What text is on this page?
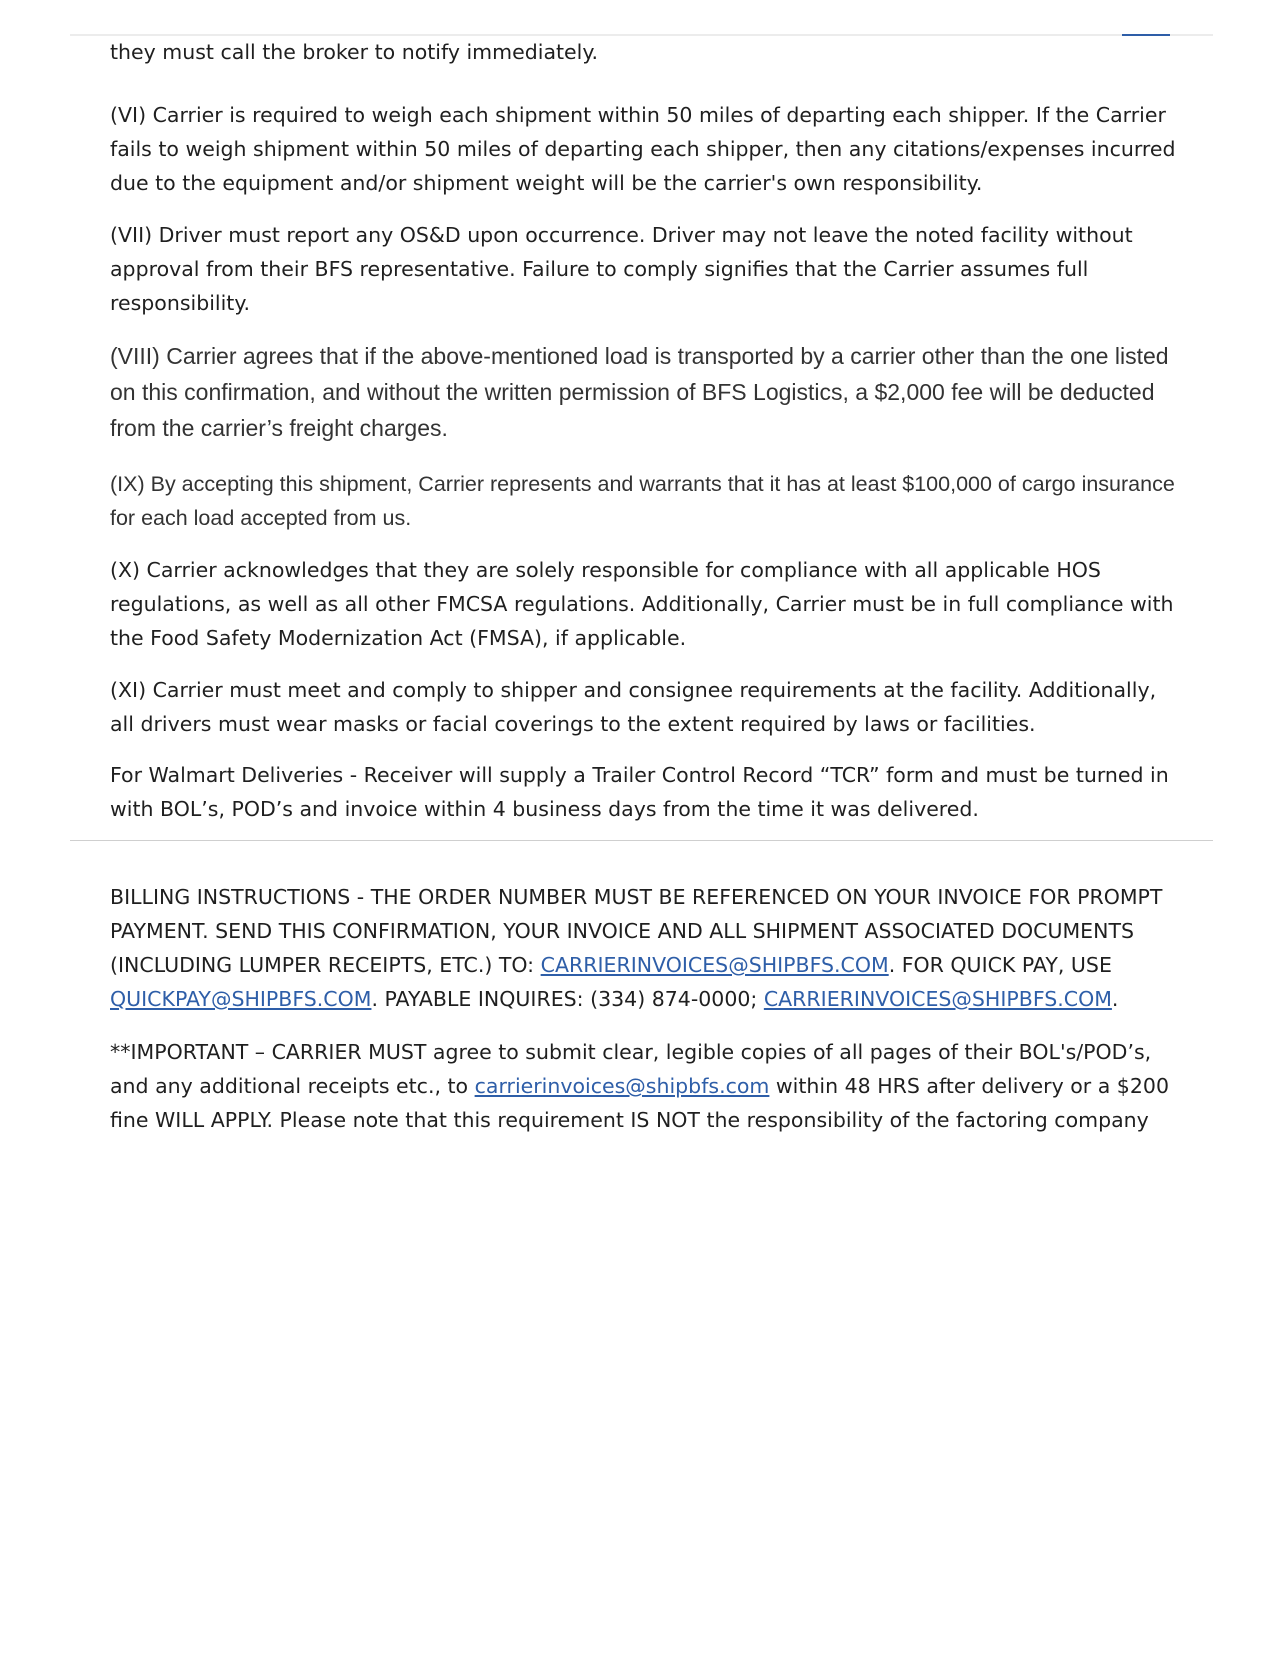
they must call the broker to notify immediately.

(VI) Carrier is required to weigh each shipment within 50 miles of departing each shipper. If the Carrier fails to weigh shipment within 50 miles of departing each shipper, then any citations/expenses incurred due to the equipment and/or shipment weight will be the carrier's own responsibility.

(VII) Driver must report any OS&D upon occurrence. Driver may not leave the noted facility without approval from their BFS representative. Failure to comply signifies that the Carrier assumes full responsibility.

(VIII) Carrier agrees that if the above-mentioned load is transported by a carrier other than the one listed on this confirmation, and without the written permission of BFS Logistics, a $2,000 fee will be deducted from the carrier’s freight charges.

(IX) By accepting this shipment, Carrier represents and warrants that it has at least $100,000 of cargo insurance for each load accepted from us.

(X) Carrier acknowledges that they are solely responsible for compliance with all applicable HOS regulations, as well as all other FMCSA regulations. Additionally, Carrier must be in full compliance with the Food Safety Modernization Act (FMSA), if applicable.

(XI) Carrier must meet and comply to shipper and consignee requirements at the facility. Additionally, all drivers must wear masks or facial coverings to the extent required by laws or facilities.

For Walmart Deliveries - Receiver will supply a Trailer Control Record “TCR” form and must be turned in with BOL’s, POD’s and invoice within 4 business days from the time it was delivered.

BILLING INSTRUCTIONS - THE ORDER NUMBER MUST BE REFERENCED ON YOUR INVOICE FOR PROMPT PAYMENT. SEND THIS CONFIRMATION, YOUR INVOICE AND ALL SHIPMENT ASSOCIATED DOCUMENTS (INCLUDING LUMPER RECEIPTS, ETC.) TO: CARRIERINVOICES@SHIPBFS.COM. FOR QUICK PAY, USE QUICKPAY@SHIPBFS.COM. PAYABLE INQUIRES: (334) 874-0000; CARRIERINVOICES@SHIPBFS.COM.

**IMPORTANT – CARRIER MUST agree to submit clear, legible copies of all pages of their BOL's/POD’s, and any additional receipts etc., to carrierinvoices@shipbfs.com within 48 HRS after delivery or a $200 fine WILL APPLY. Please note that this requirement IS NOT the responsibility of the factoring company
